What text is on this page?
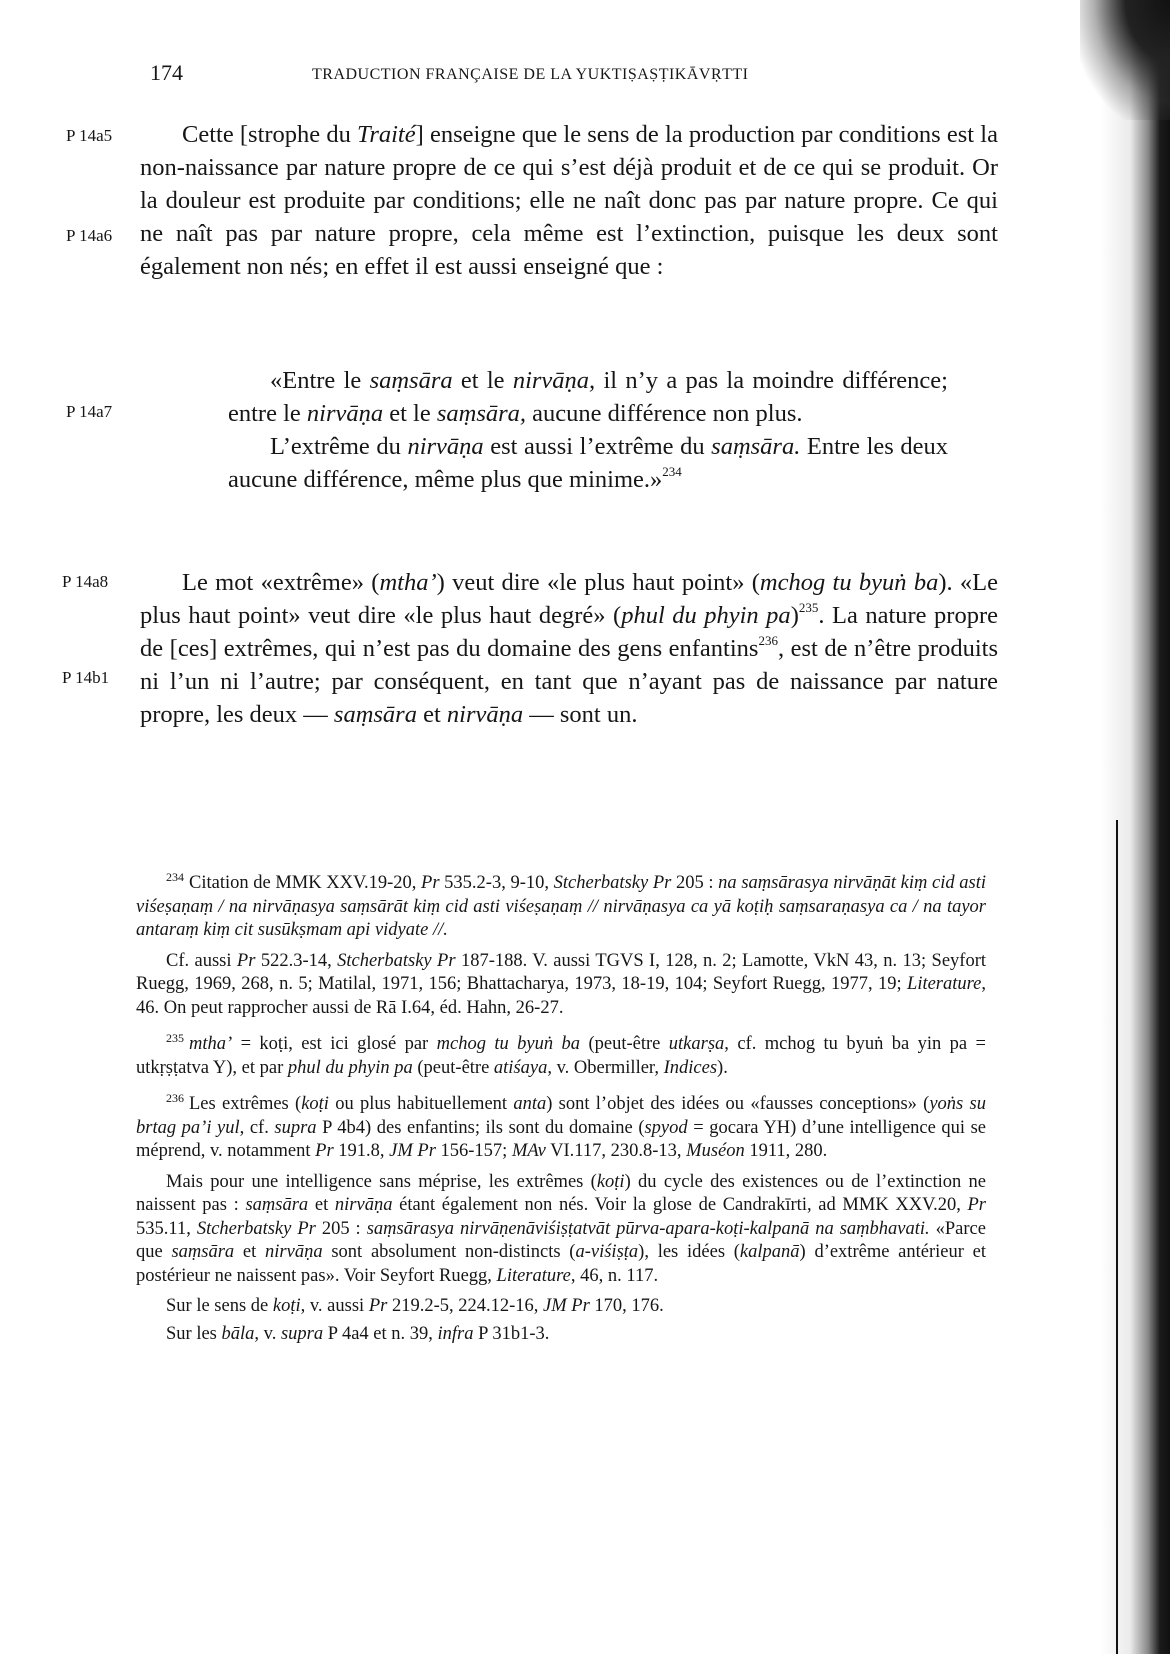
174	TRADUCTION FRANÇAISE DE LA YUKTIṢAṢṬIKĀVṚTTI
P 14a5
P 14a6
P 14a7
P 14a8
P 14b1

Cette [strophe du Traité] enseigne que le sens de la production par conditions est la non-naissance par nature propre de ce qui s’est déjà produit et de ce qui se produit. Or la douleur est produite par conditions; elle ne naît donc pas par nature propre. Ce qui ne naît pas par nature propre, cela même est l’extinction, puisque les deux sont également non nés; en effet il est aussi enseigné que :

«Entre le saṃsāra et le nirvāṇa, il n’y a pas la moindre différence; entre le nirvāṇa et le saṃsāra, aucune différence non plus.
L’extrême du nirvāṇa est aussi l’extrême du saṃsāra. Entre les deux aucune différence, même plus que minime.»$^{234}$

Le mot «extrême» (mtha’) veut dire «le plus haut point» (mchog tu byuṅ ba). «Le plus haut point» veut dire «le plus haut degré» (phul du phyin pa)$^{235}$. La nature propre de [ces] extrêmes, qui n’est pas du domaine des gens enfantins$^{236}$, est de n’être produits ni l’un ni l’autre; par conséquent, en tant que n’ayant pas de naissance par nature propre, les deux — saṃsāra et nirvāṇa — sont un.

$^{234}$ Citation de MMK XXV.19-20, Pr 535.2-3, 9-10, Stcherbatsky Pr 205 : na saṃsārasya nirvāṇāt kiṃ cid asti viśeṣaṇaṃ / na nirvāṇasya saṃsārāt kiṃ cid asti viśeṣaṇaṃ // nirvāṇasya ca yā koṭiḥ saṃsaraṇasya ca / na tayor antaraṃ kiṃ cit susūkṣmam api vidyate //.

Cf. aussi Pr 522.3-14, Stcherbatsky Pr 187-188. V. aussi TGVS I, 128, n. 2; Lamotte, VkN 43, n. 13; Seyfort Ruegg, 1969, 268, n. 5; Matilal, 1971, 156; Bhattacharya, 1973, 18-19, 104; Seyfort Ruegg, 1977, 19; Literature, 46. On peut rapprocher aussi de Rā I.64, éd. Hahn, 26-27.

$^{235}$ mtha’ = koṭi, est ici glosé par mchog tu byuṅ ba (peut-être utkarṣa, cf. mchog tu byuṅ ba yin pa = utkṛṣṭatva Y), et par phul du phyin pa (peut-être atiśaya, v. Obermiller, Indices).

$^{236}$ Les extrêmes (koṭi ou plus habituellement anta) sont l’objet des idées ou «fausses conceptions» (yoṅs su brtag pa’i yul, cf. supra P 4b4) des enfantins; ils sont du domaine (spyod = gocara YH) d’une intelligence qui se méprend, v. notamment Pr 191.8, JM Pr 156-157; MAv VI.117, 230.8-13, Muséon 1911, 280.

Mais pour une intelligence sans méprise, les extrêmes (koṭi) du cycle des existences ou de l’extinction ne naissent pas : saṃsāra et nirvāṇa étant également non nés. Voir la glose de Candrakīrti, ad MMK XXV.20, Pr 535.11, Stcherbatsky Pr 205 : saṃsārasya nirvāṇenāviśiṣṭatvāt pūrva-apara-koṭi-kalpanā na saṃbhavati. «Parce que saṃsāra et nirvāṇa sont absolument non-distincts (a-viśiṣṭa), les idées (kalpanā) d’extrême antérieur et postérieur ne naissent pas». Voir Seyfort Ruegg, Literature, 46, n. 117.

Sur le sens de koṭi, v. aussi Pr 219.2-5, 224.12-16, JM Pr 170, 176.

Sur les bāla, v. supra P 4a4 et n. 39, infra P 31b1-3.
